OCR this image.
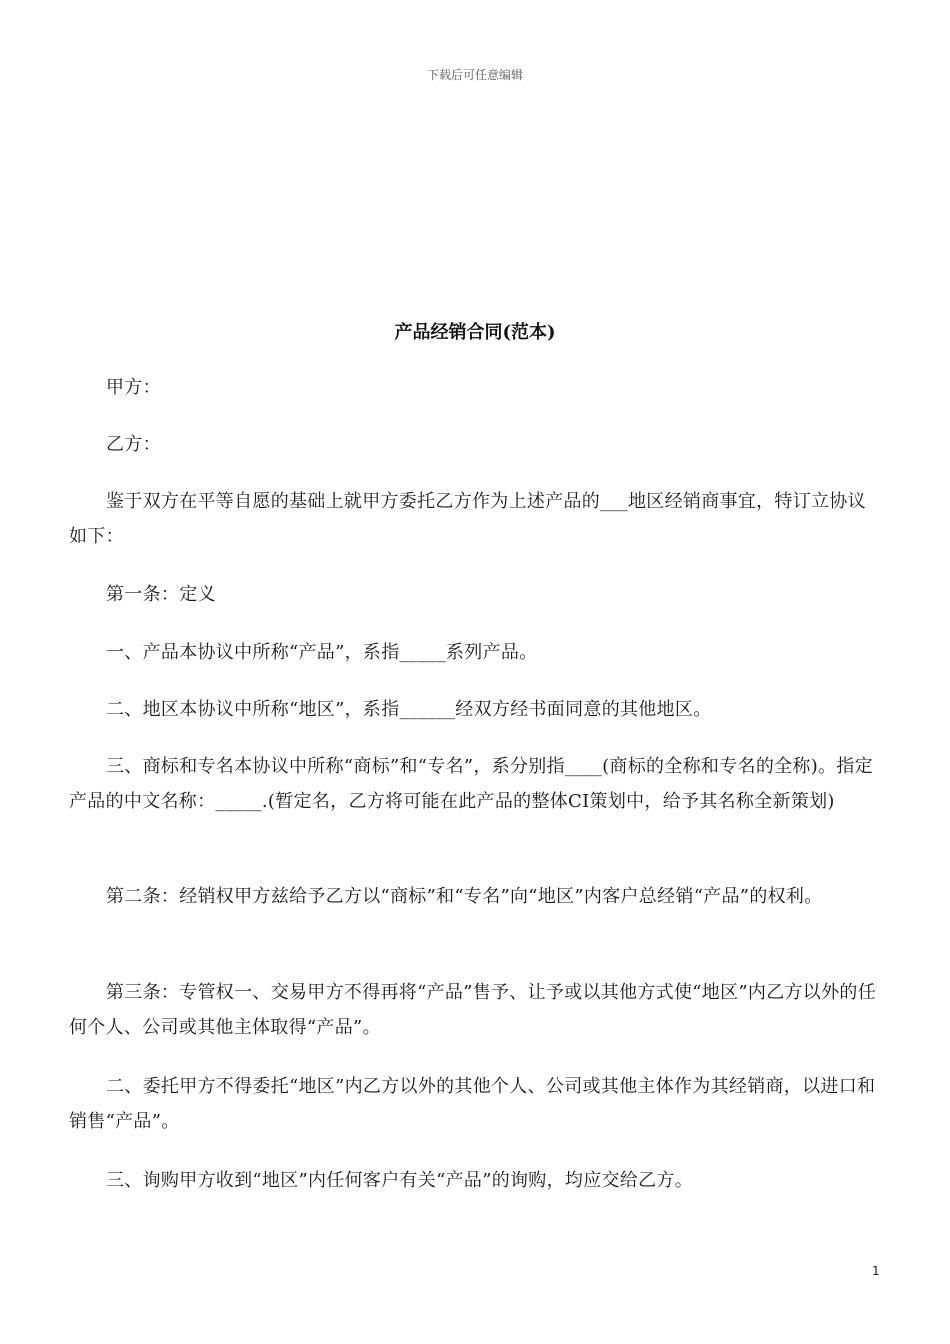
下载后可任意编辑
产品经销合同(范本)

甲方：

乙方：

鉴于双方在平等自愿的基础上就甲方委托乙方作为上述产品的___地区经销商事宜，特订立协议如下：

第一条：定义

一、产品本协议中所称“产品”，系指_____系列产品。

二、地区本协议中所称“地区”，系指______经双方经书面同意的其他地区。

三、商标和专名本协议中所称“商标”和“专名”，系分别指____(商标的全称和专名的全称)。指定产品的中文名称：_____.(暂定名，乙方将可能在此产品的整体CI策划中，给予其名称全新策划)

第二条：经销权甲方兹给予乙方以“商标”和“专名”向“地区”内客户总经销“产品”的权利。

第三条：专管权一、交易甲方不得再将“产品”售予、让予或以其他方式使“地区”内乙方以外的任何个人、公司或其他主体取得“产品”。

二、委托甲方不得委托“地区”内乙方以外的其他个人、公司或其他主体作为其经销商，以进口和销售“产品”。

三、询购甲方收到“地区”内任何客户有关“产品”的询购，均应交给乙方。

1
